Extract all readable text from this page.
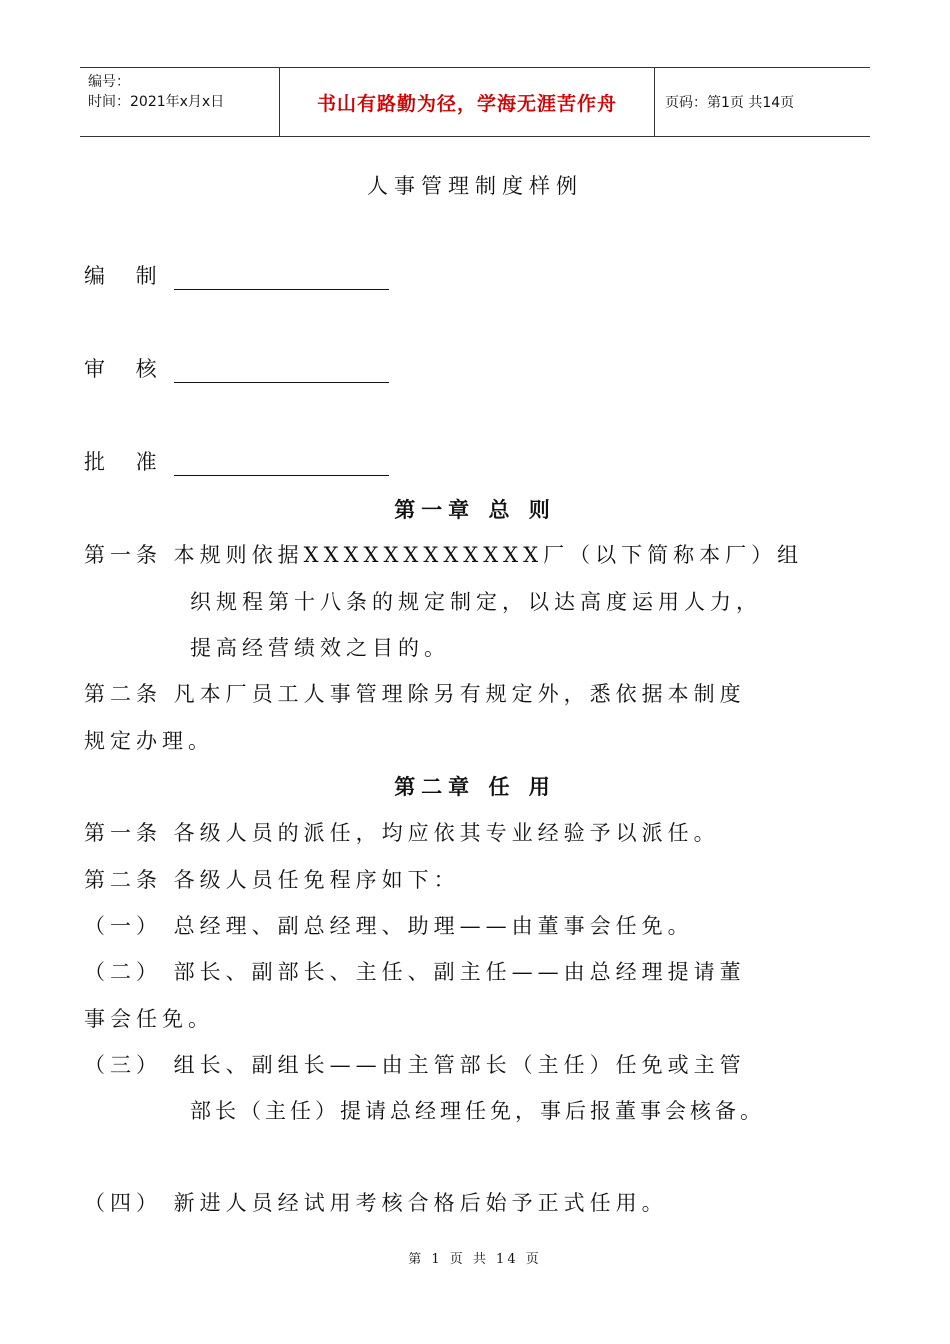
编号：
时间：2021年x月x日	书山有路勤为径，学海无涯苦作舟	页码：第1页 共14页
人事管理制度样例
编 制
审 核
批 准
第一章 总 则
第一条 本规则依据XXXXXXXXXXXX厂（以下简称本厂）组
织规程第十八条的规定制定，以达高度运用人力，
提高经营绩效之目的。
第二条 凡本厂员工人事管理除另有规定外，悉依据本制度
规定办理。
第二章 任 用
第一条 各级人员的派任，均应依其专业经验予以派任。
第二条 各级人员任免程序如下：
（一） 总经理、副总经理、助理——由董事会任免。
（二） 部长、副部长、主任、副主任——由总经理提请董
事会任免。
（三） 组长、副组长——由主管部长（主任）任免或主管
部长（主任）提请总经理任免，事后报董事会核备。
（四） 新进人员经试用考核合格后始予正式任用。
第 1 页 共 14 页
